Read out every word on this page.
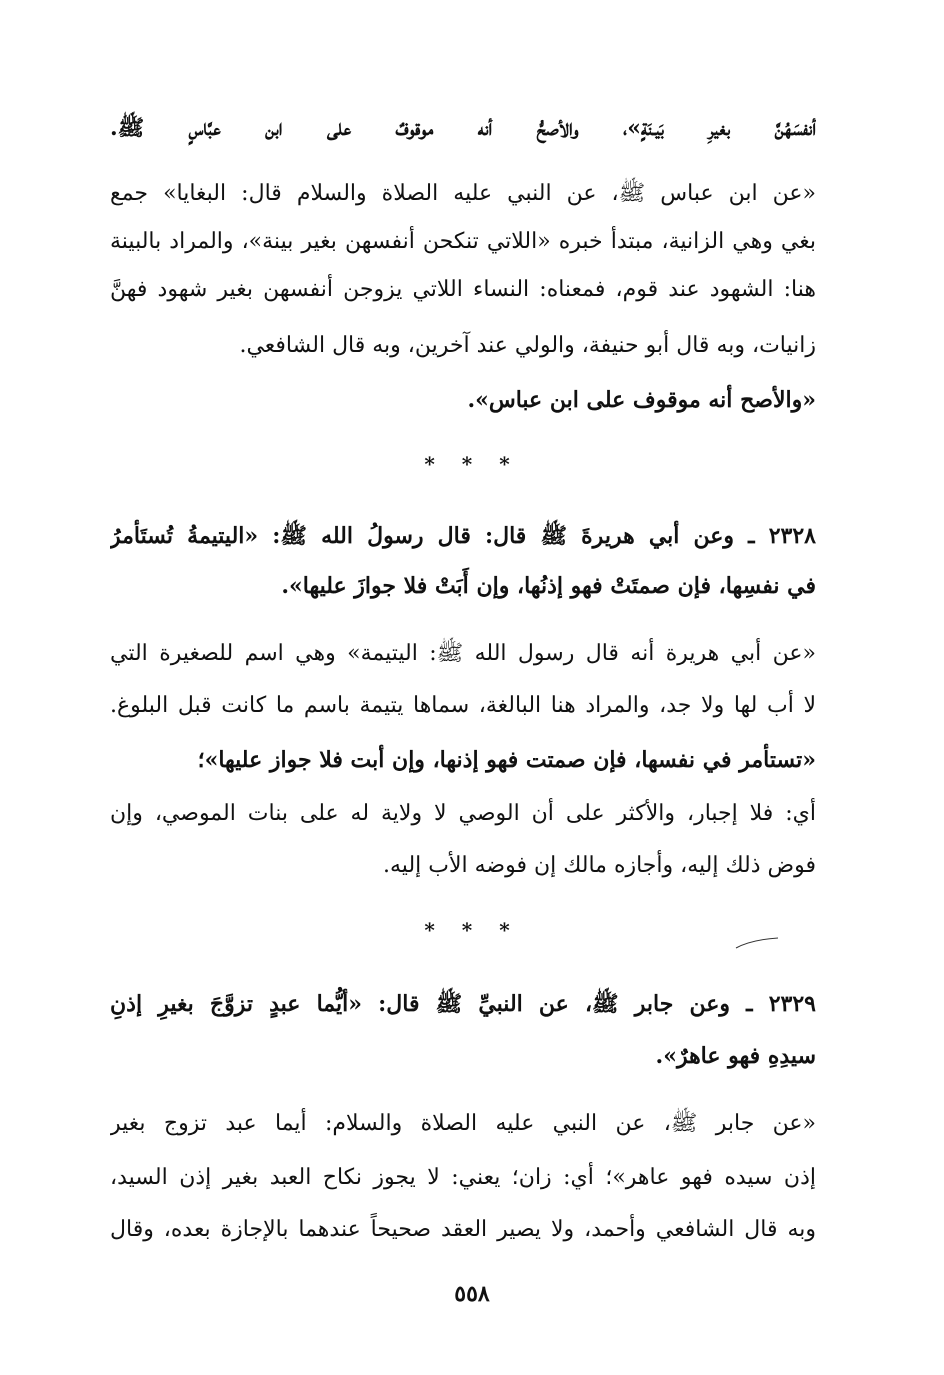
أنفسَهُنَّ بغيرِ بَيـنَةٍ»، والأصحُّ أنه موقوفٌ على ابن عبَّاسٍ ﷺ.
«عن ابن عباس ﷺ، عن النبي عليه الصلاة والسلام قال: البغايا» جمع
بغي وهي الزانية، مبتدأ خبره «اللاتي تنكحن أنفسهن بغير بينة»، والمراد بالبينة
هنا: الشهود عند قوم، فمعناه: النساء اللاتي يزوجن أنفسهن بغير شهود فهنَّ
زانيات، وبه قال أبو حنيفة، والولي عند آخرين، وبه قال الشافعي.
«والأصح أنه موقوف على ابن عباس».
* * *
٢٣٢٨ ـ وعن أبي هريرةَ ﷺ قال: قال رسولُ الله ﷺ: «اليتيمةُ تُستَأمرُ
في نفسِها، فإن صمتَتْ فهو إذنُها، وإن أَبَتْ فلا جوازَ عليها».
«عن أبي هريرة أنه قال رسول الله ﷺ: اليتيمة» وهي اسم للصغيرة التي
لا أب لها ولا جد، والمراد هنا البالغة، سماها يتيمة باسم ما كانت قبل البلوغ.
«تستأمر في نفسها، فإن صمتت فهو إذنها، وإن أبت فلا جواز عليها»؛
أي: فلا إجبار، والأكثر على أن الوصي لا ولاية له على بنات الموصي، وإن
فوض ذلك إليه، وأجازه مالك إن فوضه الأب إليه.
* * *
٢٣٢٩ ـ وعن جابر ﷺ، عن النبيِّ ﷺ قال: «أيُّما عبدٍ تزوَّجَ بغيرِ إذنِ
سيدِهِ فهو عاهرٌ».
«عن جابر ﷺ، عن النبي عليه الصلاة والسلام: أيما عبد تزوج بغير
إذن سيده فهو عاهر»؛ أي: زان؛ يعني: لا يجوز نكاح العبد بغير إذن السيد،
وبه قال الشافعي وأحمد، ولا يصير العقد صحيحاً عندهما بالإجازة بعده، وقال
٥٥٨
